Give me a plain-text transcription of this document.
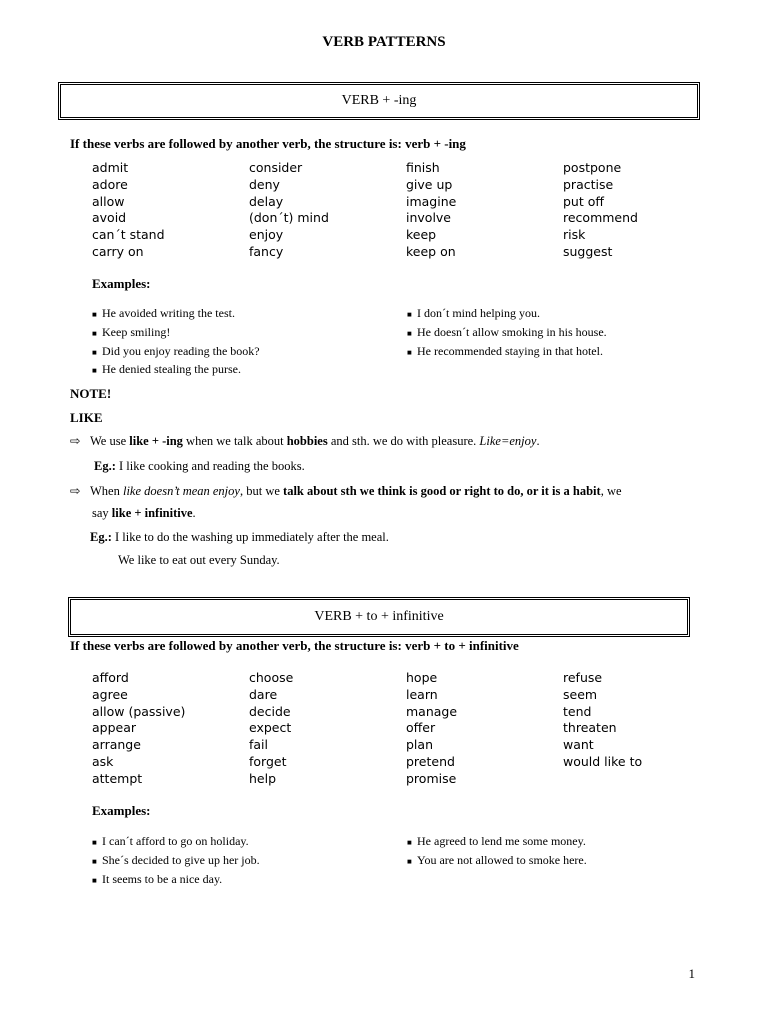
VERB PATTERNS
VERB + -ing
If these verbs are followed by another verb, the structure is: verb + -ing
admit	consider	finish	postpone
adore	deny	give up	practise
allow	delay	imagine	put off
avoid	(don´t) mind	involve	recommend
can´t stand	enjoy	keep	risk
carry on	fancy	keep on	suggest
Examples:
■ He avoided writing the test.
■ Keep smiling!
■ Did you enjoy reading the book?
■ He denied stealing the purse.
■ I don´t mind helping you.
■ He doesn´t allow smoking in his house.
■ He recommended staying in that hotel.
NOTE!
LIKE
⇨ We use like + -ing when we talk about hobbies and sth. we do with pleasure. Like=enjoy.
Eg.: I like cooking and reading the books.
⇨ When like doesn’t mean enjoy, but we talk about sth we think is good or right to do, or it is a habit, we
say like + infinitive.
Eg.: I like to do the washing up immediately after the meal.
We like to eat out every Sunday.
VERB + to + infinitive
If these verbs are followed by another verb, the structure is: verb + to + infinitive
afford	choose	hope	refuse
agree	dare	learn	seem
allow (passive)	decide	manage	tend
appear	expect	offer	threaten
arrange	fail	plan	want
ask	forget	pretend	would like to
attempt	help	promise
Examples:
■ I can´t afford to go on holiday.
■ She´s decided to give up her job.
■ It seems to be a nice day.
■ He agreed to lend me some money.
■ You are not allowed to smoke here.
1
